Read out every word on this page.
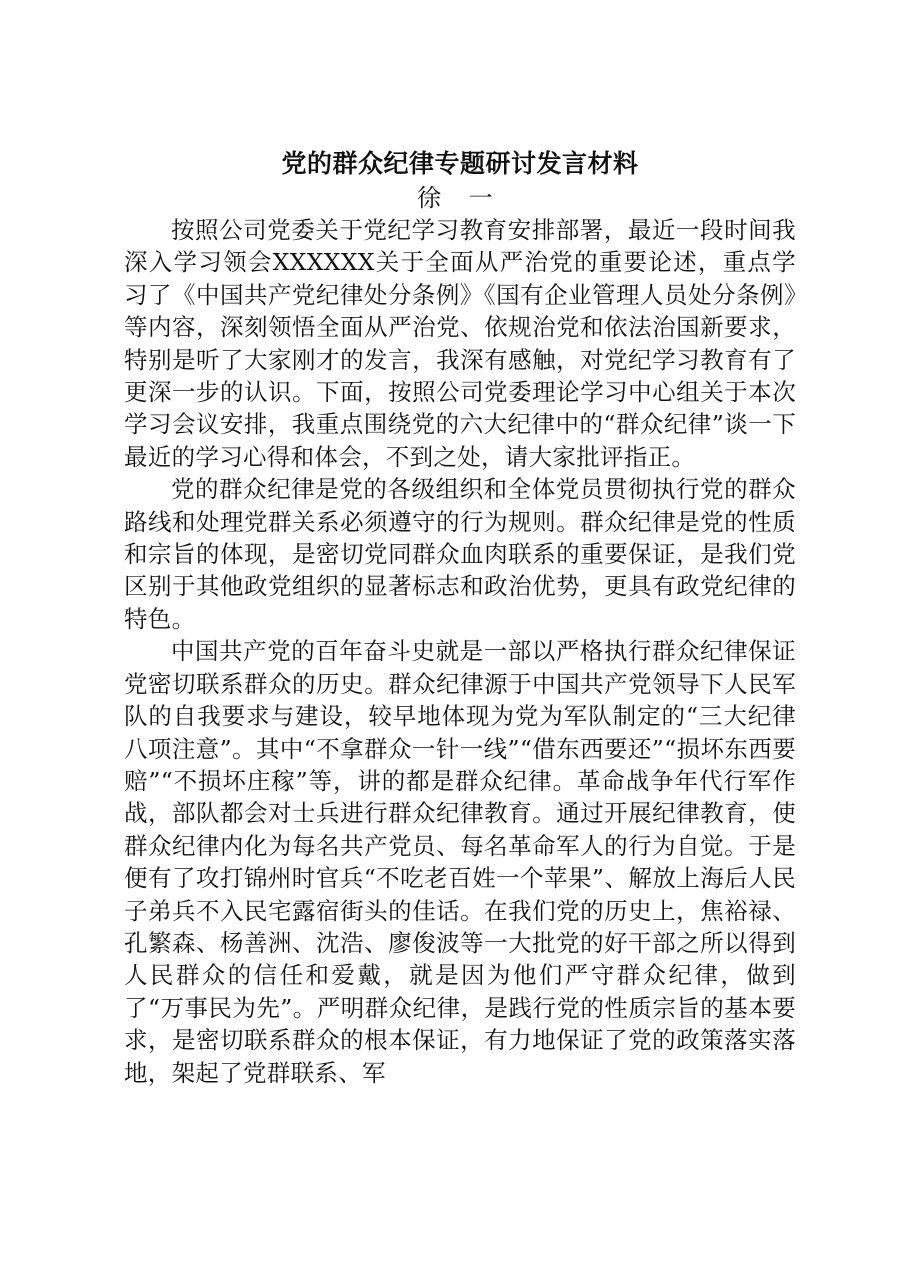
党的群众纪律专题研讨发言材料

徐 一

按照公司党委关于党纪学习教育安排部署，最近一段时间我深入学习领会XXXXXX关于全面从严治党的重要论述，重点学习了《中国共产党纪律处分条例》《国有企业管理人员处分条例》等内容，深刻领悟全面从严治党、依规治党和依法治国新要求，特别是听了大家刚才的发言，我深有感触，对党纪学习教育有了更深一步的认识。下面，按照公司党委理论学习中心组关于本次学习会议安排，我重点围绕党的六大纪律中的“群众纪律”谈一下最近的学习心得和体会，不到之处，请大家批评指正。

党的群众纪律是党的各级组织和全体党员贯彻执行党的群众路线和处理党群关系必须遵守的行为规则。群众纪律是党的性质和宗旨的体现，是密切党同群众血肉联系的重要保证，是我们党区别于其他政党组织的显著标志和政治优势，更具有政党纪律的特色。

中国共产党的百年奋斗史就是一部以严格执行群众纪律保证党密切联系群众的历史。群众纪律源于中国共产党领导下人民军队的自我要求与建设，较早地体现为党为军队制定的“三大纪律八项注意”。其中“不拿群众一针一线”“借东西要还”“损坏东西要赔”“不损坏庄稼”等，讲的都是群众纪律。革命战争年代行军作战，部队都会对士兵进行群众纪律教育。通过开展纪律教育，使群众纪律内化为每名共产党员、每名革命军人的行为自觉。于是便有了攻打锦州时官兵“不吃老百姓一个苹果”、解放上海后人民子弟兵不入民宅露宿街头的佳话。在我们党的历史上，焦裕禄、孔繁森、杨善洲、沈浩、廖俊波等一大批党的好干部之所以得到人民群众的信任和爱戴，就是因为他们严守群众纪律，做到了“万事民为先”。严明群众纪律，是践行党的性质宗旨的基本要求，是密切联系群众的根本保证，有力地保证了党的政策落实落地，架起了党群联系、军
